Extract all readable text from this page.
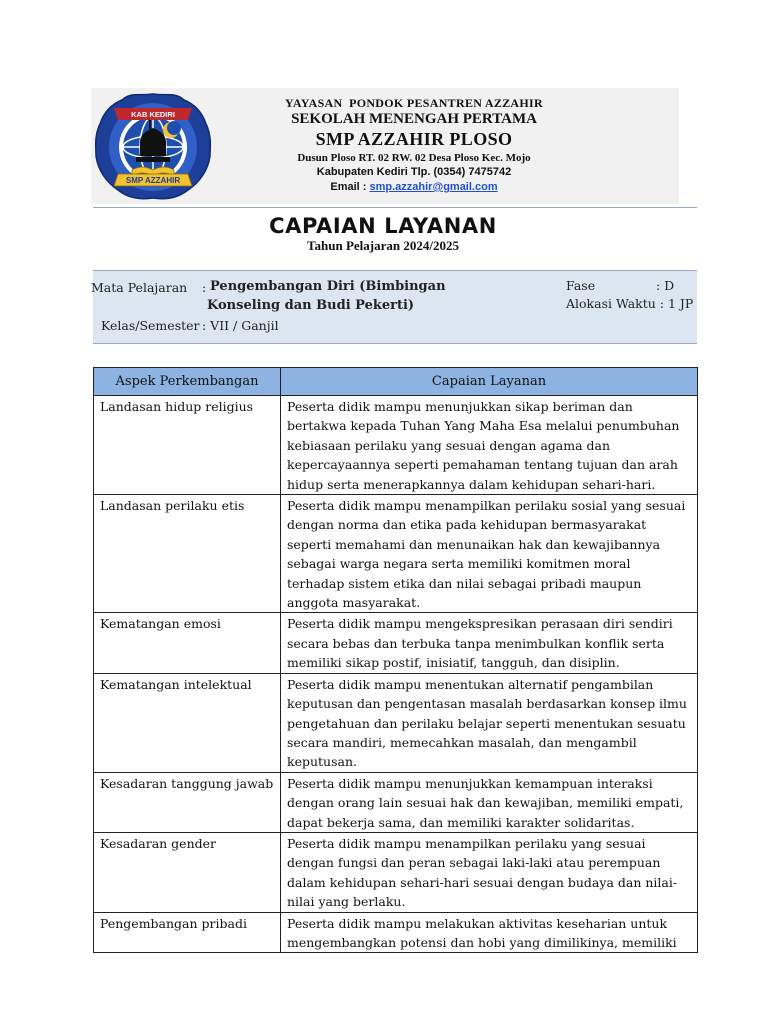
KAB KEDIRI
SMP AZZAHIR
YAYASAN  PONDOK PESANTREN AZZAHIR
SEKOLAH MENENGAH PERTAMA
SMP AZZAHIR PLOSO
Dusun Ploso RT. 02 RW. 02 Desa Ploso Kec. Mojo
Kabupaten Kediri Tlp. (0354) 7475742
Email : smp.azzahir@gmail.com
CAPAIAN LAYANAN
Tahun Pelajaran 2024/2025
Mata Pelajaran : Pengembangan Diri (Bimbingan
Konseling dan Budi Pekerti)
Kelas/Semester : VII / Ganjil
Fase	: D
Alokasi Waktu : 1 JP
Aspek Perkembangan	Capaian Layanan
Landasan hidup religius	Peserta didik mampu menunjukkan sikap beriman dan bertakwa kepada Tuhan Yang Maha Esa melalui penumbuhan kebiasaan perilaku yang sesuai dengan agama dan kepercayaannya seperti pemahaman tentang tujuan dan arah hidup serta menerapkannya dalam kehidupan sehari-hari.
Landasan perilaku etis	Peserta didik mampu menampilkan perilaku sosial yang sesuai dengan norma dan etika pada kehidupan bermasyarakat seperti memahami dan menunaikan hak dan kewajibannya sebagai warga negara serta memiliki komitmen moral terhadap sistem etika dan nilai sebagai pribadi maupun anggota masyarakat.
Kematangan emosi	Peserta didik mampu mengekspresikan perasaan diri sendiri secara bebas dan terbuka tanpa menimbulkan konflik serta memiliki sikap postif, inisiatif, tangguh, dan disiplin.
Kematangan intelektual	Peserta didik mampu menentukan alternatif pengambilan keputusan dan pengentasan masalah berdasarkan konsep ilmu pengetahuan dan perilaku belajar seperti menentukan sesuatu secara mandiri, memecahkan masalah, dan mengambil keputusan.
Kesadaran tanggung jawab	Peserta didik mampu menunjukkan kemampuan interaksi dengan orang lain sesuai hak dan kewajiban, memiliki empati, dapat bekerja sama, dan memiliki karakter solidaritas.
Kesadaran gender	Peserta didik mampu menampilkan perilaku yang sesuai dengan fungsi dan peran sebagai laki-laki atau perempuan dalam kehidupan sehari-hari sesuai dengan budaya dan nilai- nilai yang berlaku.
Pengembangan pribadi	Peserta didik mampu melakukan aktivitas keseharian untuk mengembangkan potensi dan hobi yang dimilikinya, memiliki
